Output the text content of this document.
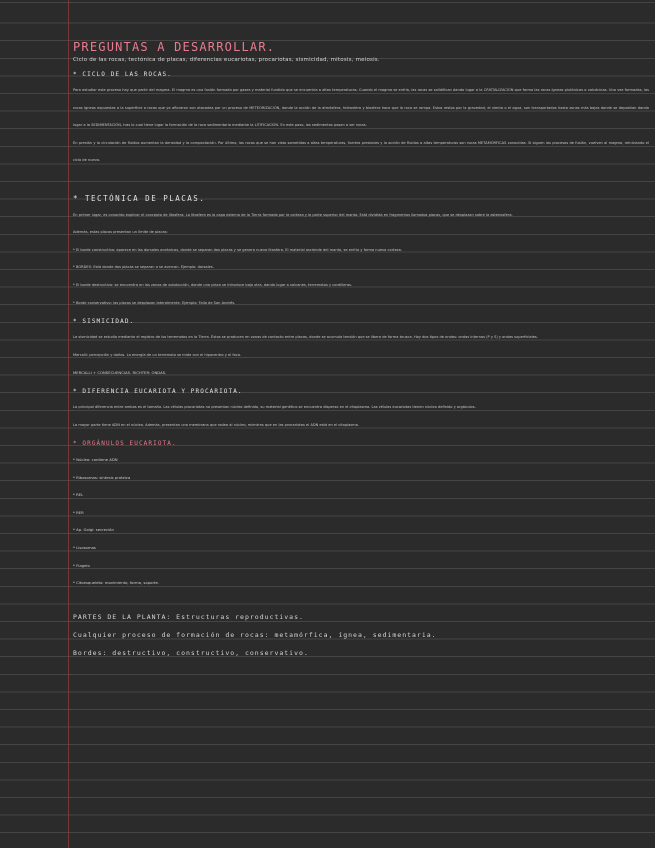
PREGUNTAS A DESARROLLAR.
Ciclo de las rocas, tectónica de placas, diferencias eucariotas, procariotas, sismicidad, mitosis, meiosis.
* CICLO DE LAS ROCAS.
Para estudiar este proceso hay que partir del magma. El magma es una fusión formada por gases y material fundido que se encuentra a altas temperaturas. Cuando el magma se enfría, las rocas se solidifican dando lugar a la CRISTALIZACIÓN que forma las rocas ígneas plutónicas o volcánicas. Una vez formadas, las rocas ígneas expuestas a la superficie a rocas que ya afloraron son atacadas por un proceso de METEORIZACIÓN, donde la acción de la atmósfera, hidrosfera y biosfera hace que la roca se rompa. Estos restos por la gravedad, el viento o el agua, son transportados hasta zonas más bajas donde se depositan dando lugar a la SEDIMENTACIÓN, tras lo cual tiene lugar la formación de la roca sedimentaria mediante la LITIFICACIÓN. En este paso, los sedimentos pasan a ser rocas.
En presión y la circulación de fluidos aumentan la densidad y la compactación. Por último, las rocas que se han visto sometidas a altas temperaturas, fuertes presiones y la acción de fluidos a altas temperaturas son rocas METAMÓRFICAS conocidas. Si siguen los procesos de fusión, vuelven al magma, reiniciando el ciclo de nuevo.
* TECTÓNICA DE PLACAS.
En primer lugar, es conocido explicar el concepto de litosfera. La litosfera es la capa externa de la Tierra formada por la corteza y la parte superior del manto. Está dividida en fragmentos llamados placas, que se desplazan sobre la astenosfera.
Además, estas placas presentan un límite de placas:
* El borde constructivo: aparece en las dorsales oceánicas, donde se separan dos placas y se genera nueva litosfera. El material asciende del manto, se enfría y forma nueva corteza.
* BORDES: Está donde dos placas se separan o se acercan. Ejemplo: dorsales.
* El borde destructivo: se encuentra en las zonas de subducción, donde una placa se introduce bajo otra, dando lugar a volcanes, terremotos y cordilleras.
* Borde conservativo: las placas se desplazan lateralmente. Ejemplo: Falla de San Andrés.
* SISMICIDAD.
La sismicidad se estudia mediante el registro de los terremotos en la Tierra. Éstos se producen en zonas de contacto entre placas, donde se acumula tensión que se libera de forma brusca. Hay dos tipos de ondas: ondas internas (P y S) y ondas superficiales.
Mercalli: percepción y daños. La energía de un terremoto se mide con el hipocentro y el foco.
MERCALLI + CONSECUENCIAS. RICHTER: ONDAS.
* DIFERENCIA EUCARIOTA Y PROCARIOTA.
La principal diferencia entre ambas es el tamaño. Las células procariotas no presentan núcleo definido, su material genético se encuentra disperso en el citoplasma. Las células eucariotas tienen núcleo definido y orgánulos.
La mayor parte tiene ADN en el núcleo. Además, presentan una membrana que rodea al núcleo, mientras que en las procariotas el ADN está en el citoplasma.
* ORGÁNULOS EUCARIOTA.
* Núcleo: contiene ADN
* Ribosomas: síntesis proteica
* REL
* RER
* Ap. Golgi: secreción
* Lisosomas
* Flagelo
* Citoesqueleto: movimiento, forma, soporte.
PARTES DE LA PLANTA: Estructuras reproductivas.
Cualquier proceso de formación de rocas: metamórfica, ígnea, sedimentaria.
Bordes: destructivo, constructivo, conservativo.
